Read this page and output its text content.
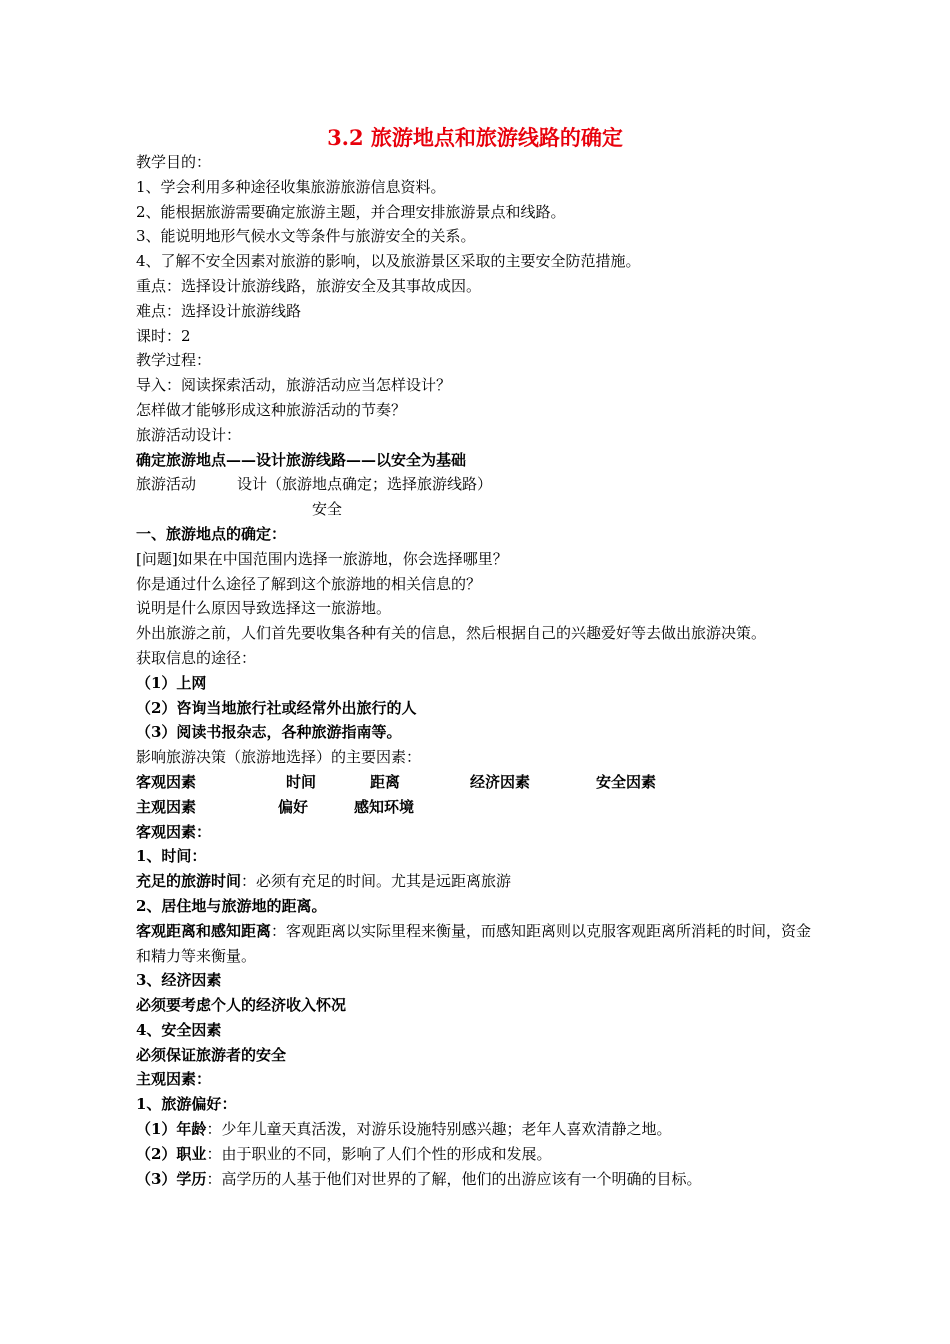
3.2 旅游地点和旅游线路的确定
教学目的：
1、学会利用多种途径收集旅游旅游信息资料。
2、能根据旅游需要确定旅游主题，并合理安排旅游景点和线路。
3、能说明地形气候水文等条件与旅游安全的关系。
4、了解不安全因素对旅游的影响，以及旅游景区采取的主要安全防范措施。
重点：选择设计旅游线路，旅游安全及其事故成因。
难点：选择设计旅游线路
课时：2
教学过程：
导入：阅读探索活动，旅游活动应当怎样设计？
怎样做才能够形成这种旅游活动的节奏？
旅游活动设计：
确定旅游地点——设计旅游线路——以安全为基础
旅游活动	设计（旅游地点确定；选择旅游线路）
安全
一、旅游地点的确定：
[问题]如果在中国范围内选择一旅游地，你会选择哪里？
你是通过什么途径了解到这个旅游地的相关信息的？
说明是什么原因导致选择这一旅游地。
外出旅游之前，人们首先要收集各种有关的信息，然后根据自己的兴趣爱好等去做出旅游决策。
获取信息的途径：
（1）上网
（2）咨询当地旅行社或经常外出旅行的人
（3）阅读书报杂志，各种旅游指南等。
影响旅游决策（旅游地选择）的主要因素：
客观因素	时间	距离	经济因素	安全因素
主观因素	偏好	感知环境
客观因素：
1、时间：
充足的旅游时间：必须有充足的时间。尤其是远距离旅游
2、居住地与旅游地的距离。
客观距离和感知距离：客观距离以实际里程来衡量，而感知距离则以克服客观距离所消耗的时间，资金和精力等来衡量。
3、经济因素
必须要考虑个人的经济收入怀况
4、安全因素
必须保证旅游者的安全
主观因素：
1、旅游偏好：
（1）年龄：少年儿童天真活泼，对游乐设施特别感兴趣；老年人喜欢清静之地。
（2）职业：由于职业的不同，影响了人们个性的形成和发展。
（3）学历：高学历的人基于他们对世界的了解，他们的出游应该有一个明确的目标。
